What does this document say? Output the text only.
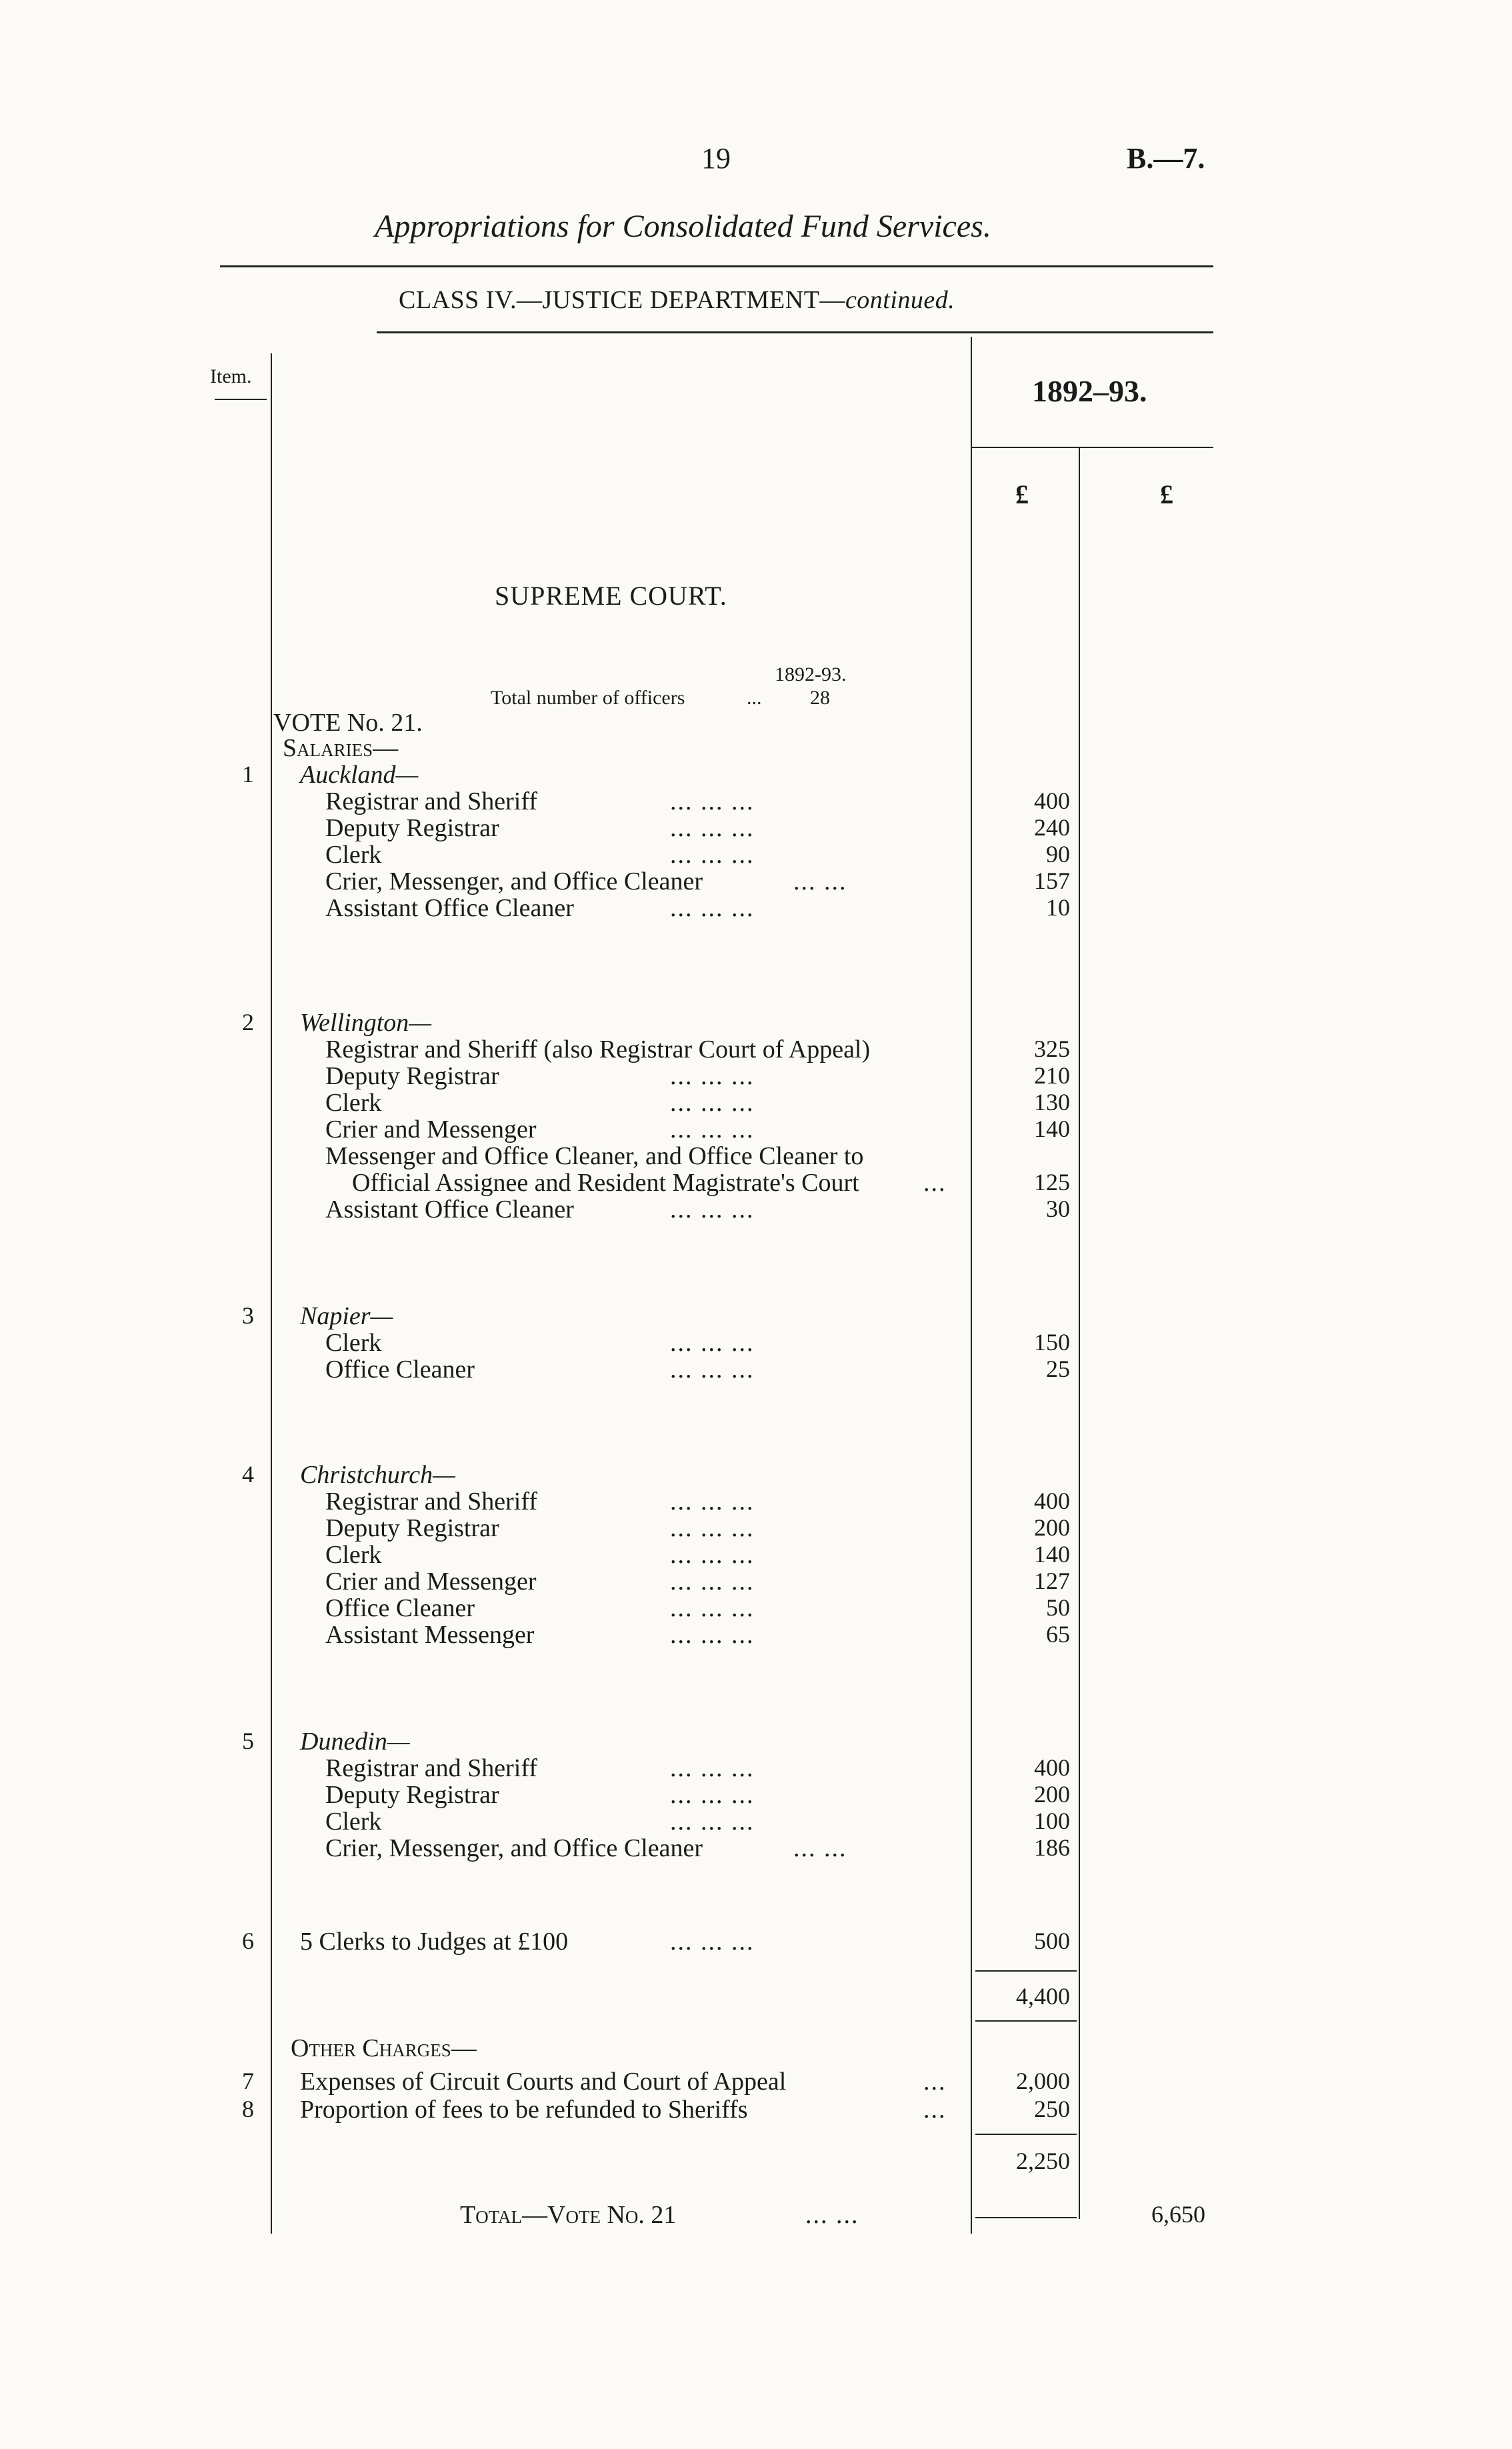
19	B.—7.
Appropriations for Consolidated Fund Services.
CLASS IV.—JUSTICE DEPARTMENT—continued.
Item.	1892–93.
£	£
SUPREME COURT.
1892-93.
Total number of officers	... 28
VOTE No. 21.
Salaries—
1	Auckland—
Registrar and Sheriff	... ... ...	400
Deputy Registrar	... ... ...	240
Clerk	... ... ...	90
Crier, Messenger, and Office Cleaner	... ...	157
Assistant Office Cleaner	... ... ...	10
2	Wellington—
Registrar and Sheriff (also Registrar Court of Appeal)	325
Deputy Registrar	... ... ...	210
Clerk	... ... ...	130
Crier and Messenger	... ... ...	140
Messenger and Office Cleaner, and Office Cleaner to
Official Assignee and Resident Magistrate's Court	...	125
Assistant Office Cleaner	... ... ...	30
3	Napier—
Clerk	... ... ...	150
Office Cleaner	... ... ...	25
4	Christchurch—
Registrar and Sheriff	... ... ...	400
Deputy Registrar	... ... ...	200
Clerk	... ... ...	140
Crier and Messenger	... ... ...	127
Office Cleaner	... ... ...	50
Assistant Messenger	... ... ...	65
5	Dunedin—
Registrar and Sheriff	... ... ...	400
Deputy Registrar	... ... ...	200
Clerk	... ... ...	100
Crier, Messenger, and Office Cleaner	... ...	186
6	5 Clerks to Judges at £100	... ... ...	500
4,400
Other Charges—
7	Expenses of Circuit Courts and Court of Appeal	...	2,000
8	Proportion of fees to be refunded to Sheriffs	...	250
2,250
Total—Vote No. 21	... ...	6,650
